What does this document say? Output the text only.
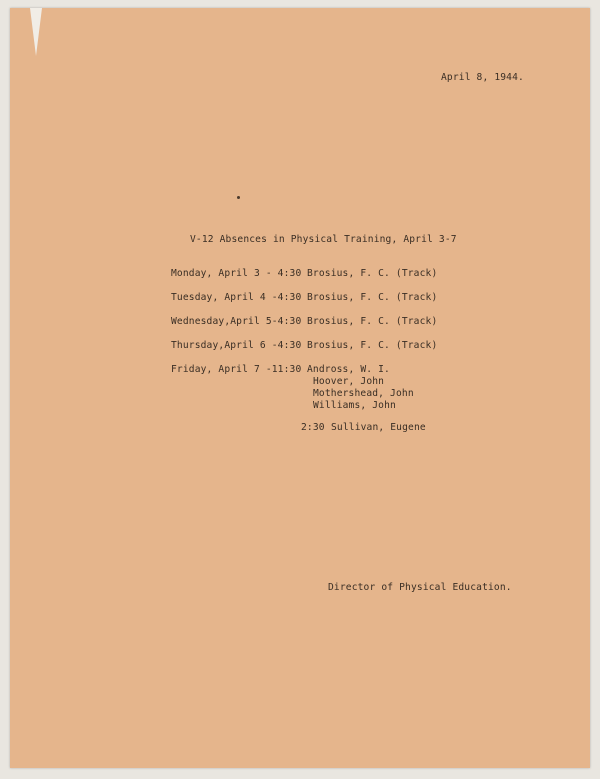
April 8, 1944.
V-12 Absences in Physical Training, April 3-7
Monday, April 3 - 4:30 Brosius, F. C. (Track)
Tuesday, April 4 -4:30 Brosius, F. C. (Track)
Wednesday,April 5-4:30 Brosius, F. C. (Track)
Thursday,April 6 -4:30 Brosius, F. C. (Track)
Friday, April 7 -11:30 Andross, W. I.
Hoover, John
Mothershead, John
Williams, John
2:30 Sullivan, Eugene
Director of Physical Education.
